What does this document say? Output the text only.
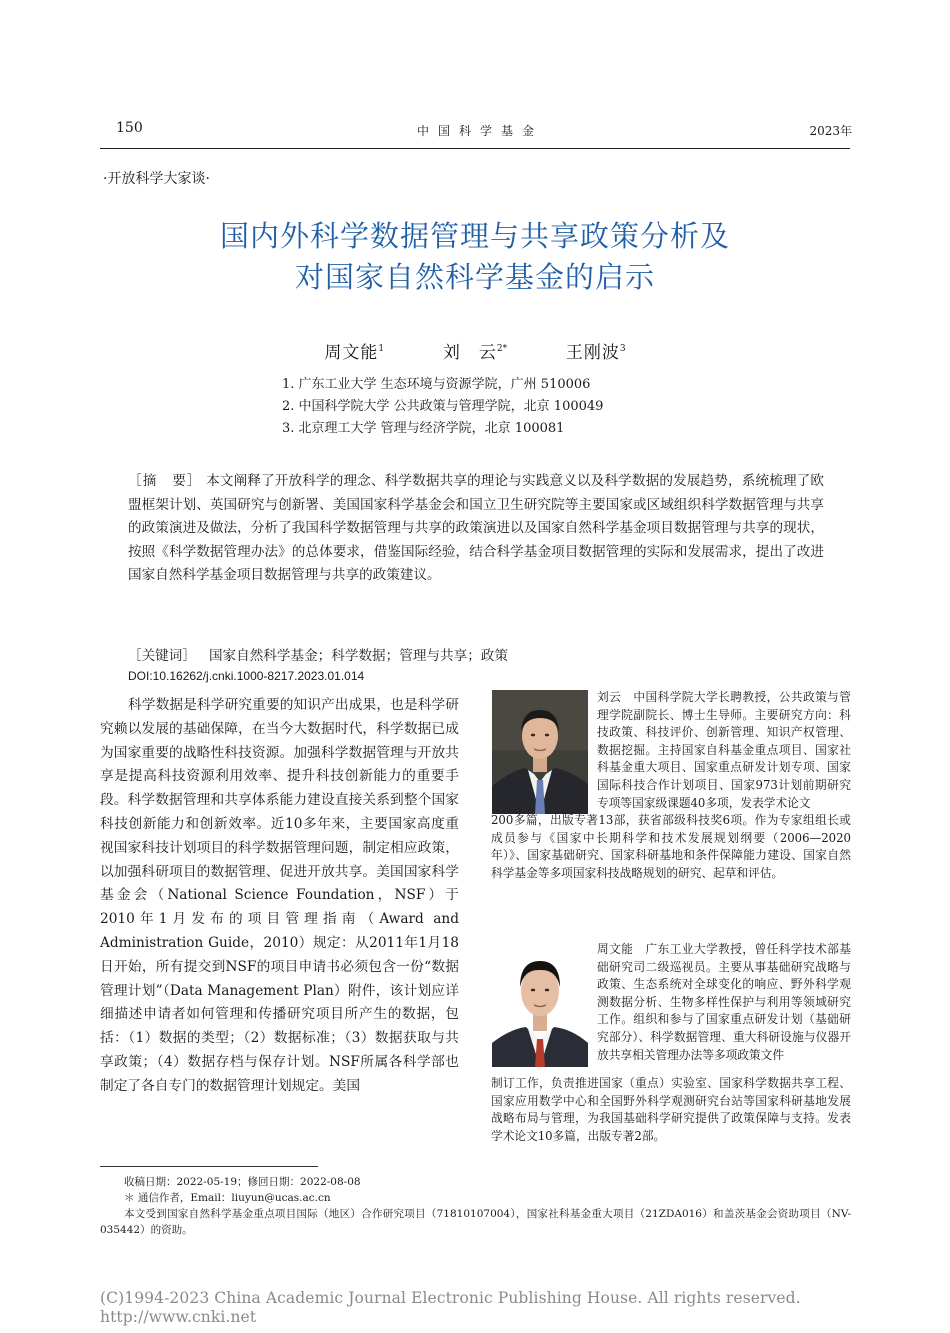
150	中国科学基金	2023年
·开放科学大家谈·
国内外科学数据管理与共享政策分析及
对国家自然科学基金的启示
周文能$^1$	刘　云$^{2*}$	王刚波$^3$
1. 广东工业大学 生态环境与资源学院，广州 510006
2. 中国科学院大学 公共政策与管理学院，北京 100049
3. 北京理工大学 管理与经济学院，北京 100081
［摘　要］ 本文阐释了开放科学的理念、科学数据共享的理论与实践意义以及科学数据的发展趋势，系统梳理了欧盟框架计划、英国研究与创新署、美国国家科学基金会和国立卫生研究院等主要国家或区域组织科学数据管理与共享的政策演进及做法，分析了我国科学数据管理与共享的政策演进以及国家自然科学基金项目数据管理与共享的现状，按照《科学数据管理办法》的总体要求，借鉴国际经验，结合科学基金项目数据管理的实际和发展需求，提出了改进国家自然科学基金项目数据管理与共享的政策建议。
［关键词］ 国家自然科学基金；科学数据；管理与共享；政策
DOI:10.16262/j.cnki.1000-8217.2023.01.014
科学数据是科学研究重要的知识产出成果，也是科学研究赖以发展的基础保障，在当今大数据时代，科学数据已成为国家重要的战略性科技资源。加强科学数据管理与开放共享是提高科技资源利用效率、提升科技创新能力的重要手段。科学数据管理和共享体系能力建设直接关系到整个国家科技创新能力和创新效率。近10多年来，主要国家高度重视国家科技计划项目的科学数据管理问题，制定相应政策，以加强科研项目的数据管理、促进开放共享。美国国家科学基金会（National Science Foundation，NSF）于2010年1月发布的项目管理指南（Award and Administration Guide，2010）规定：从2011年1月18日开始，所有提交到NSF的项目申请书必须包含一份“数据管理计划”（Data Management Plan）附件，该计划应详细描述申请者如何管理和传播研究项目所产生的数据，包括：（1）数据的类型；（2）数据标准；（3）数据获取与共享政策；（4）数据存档与保存计划。NSF所属各科学部也制定了各自专门的数据管理计划规定。美国
刘云　中国科学院大学长聘教授，公共政策与管理学院副院长、博士生导师。主要研究方向：科技政策、科技评价、创新管理、知识产权管理、数据挖掘。主持国家自科基金重点项目、国家社科基金重大项目、国家重点研发计划专项、国家国际科技合作计划项目、国家973计划前期研究专项等国家级课题40多项，发表学术论文
200多篇，出版专著13部，获省部级科技奖6项。作为专家组组长或成员参与《国家中长期科学和技术发展规划纲要（2006—2020年）》、国家基础研究、国家科研基地和条件保障能力建设、国家自然科学基金等多项国家科技战略规划的研究、起草和评估。
周文能　广东工业大学教授，曾任科学技术部基础研究司二级巡视员。主要从事基础研究战略与政策、生态系统对全球变化的响应、野外科学观测数据分析、生物多样性保护与利用等领域研究工作。组织和参与了国家重点研发计划（基础研究部分）、科学数据管理、重大科研设施与仪器开放共享相关管理办法等多项政策文件
制订工作，负责推进国家（重点）实验室、国家科学数据共享工程、国家应用数学中心和全国野外科学观测研究台站等国家科研基地发展战略布局与管理，为我国基础科学研究提供了政策保障与支持。发表学术论文10多篇，出版专著2部。
收稿日期：2022-05-19；修回日期：2022-08-08
＊ 通信作者，Email：liuyun@ucas.ac.cn
本文受到国家自然科学基金重点项目国际（地区）合作研究项目（71810107004），国家社科基金重大项目（21ZDA016）和盖茨基金会资助项目（NV-035442）的资助。
(C)1994-2023 China Academic Journal Electronic Publishing House. All rights reserved.　 http://www.cnki.net
